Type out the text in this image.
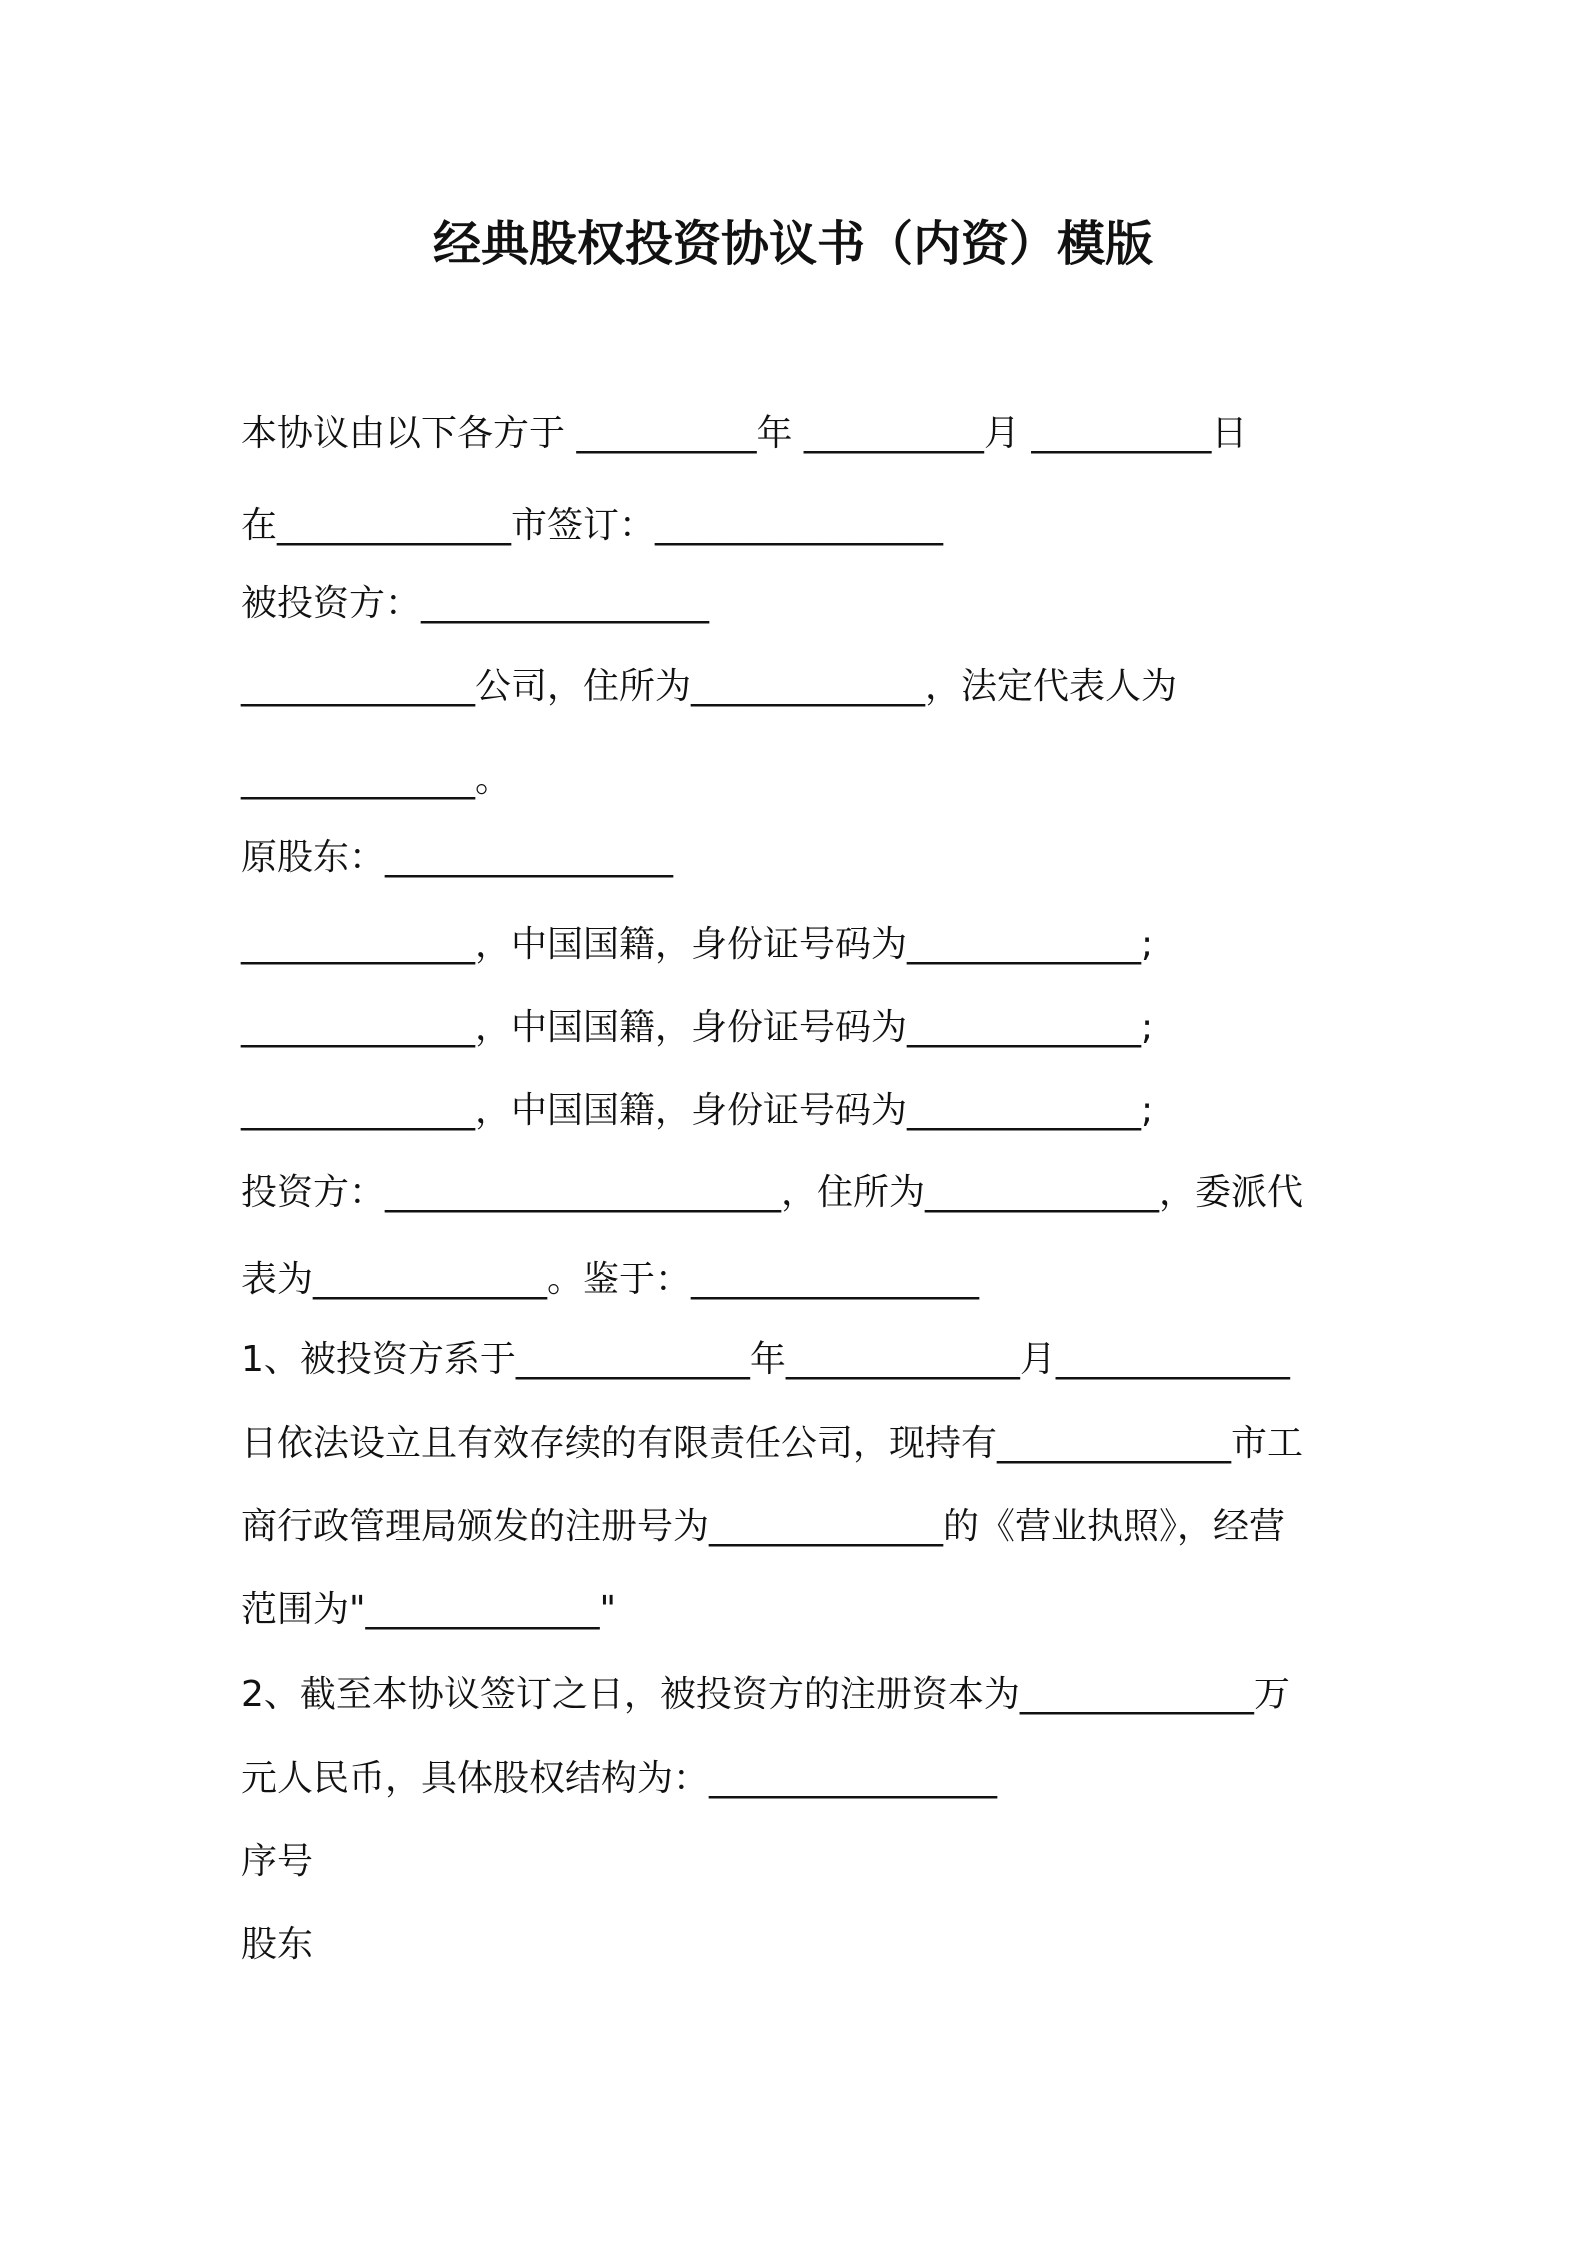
经典股权投资协议书（内资）模版

本协议由以下各方于 __________年 __________月 __________日

在_____________市签订：________________

被投资方：________________

_____________公司，住所为_____________，法定代表人为

_____________。

原股东：________________

_____________，中国国籍，身份证号码为_____________;

_____________，中国国籍，身份证号码为_____________;

_____________，中国国籍，身份证号码为_____________;

投资方：______________________，住所为_____________，委派代

表为_____________。鉴于：________________

1、被投资方系于_____________年_____________月_____________

日依法设立且有效存续的有限责任公司，现持有_____________市工

商行政管理局颁发的注册号为_____________的《营业执照》，经营

范围为"_____________"

2、截至本协议签订之日，被投资方的注册资本为_____________万

元人民币，具体股权结构为：________________

序号

股东
